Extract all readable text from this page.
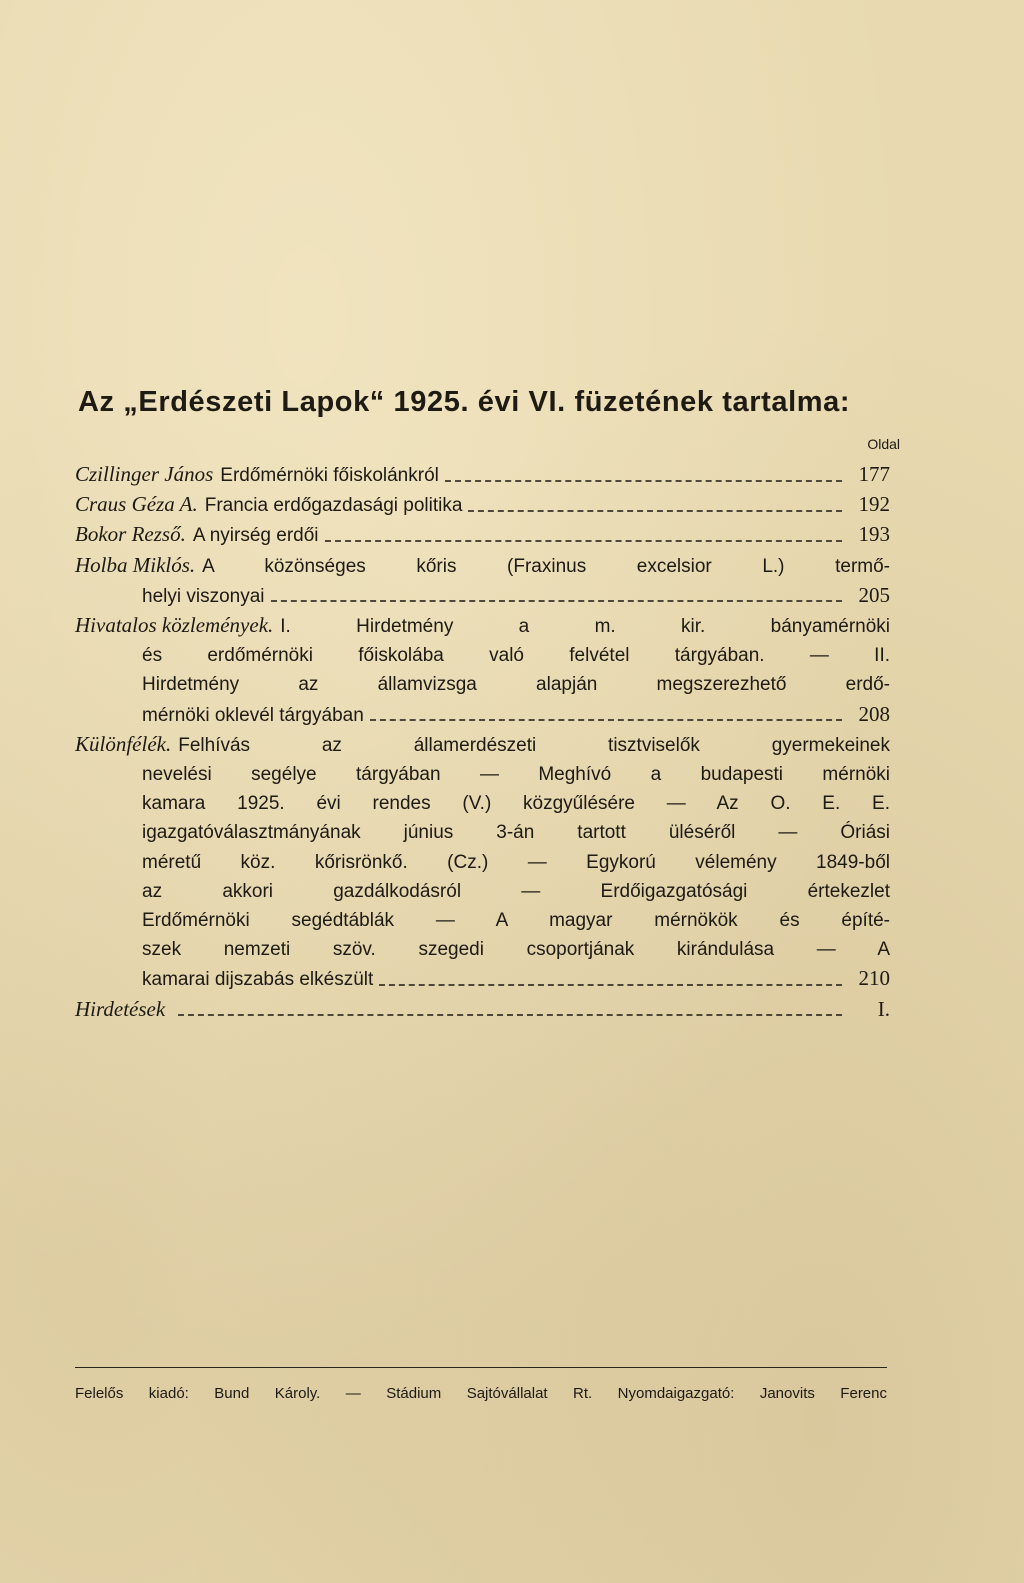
Az „Erdészeti Lapok“ 1925. évi VI. füzetének tartalma:
Oldal
Czillinger János Erdőmérnöki főiskolánkról	177
Craus Géza A. Francia erdőgazdasági politika	192
Bokor Rezső. A nyirség erdői	193
Holba Miklós. A közönséges kőris (Fraxinus excelsior L.) termő-
helyi viszonyai	205
Hivatalos közlemények. I. Hirdetmény a m. kir. bányamérnöki
és erdőmérnöki főiskolába való felvétel tárgyában. — II.
Hirdetmény az államvizsga alapján megszerezhető erdő-
mérnöki oklevél tárgyában	208
Különfélék. Felhívás az államerdészeti tisztviselők gyermekeinek
nevelési segélye tárgyában — Meghívó a budapesti mérnöki
kamara 1925. évi rendes (V.) közgyűlésére — Az O. E. E.
igazgatóválasztmányának június 3-án tartott üléséről — Óriási
méretű köz. kőrisrönkő. (Cz.) — Egykorú vélemény 1849-ből
az akkori gazdálkodásról — Erdőigazgatósági értekezlet
Erdőmérnöki segédtáblák — A magyar mérnökök és építé-
szek nemzeti szöv. szegedi csoportjának kirándulása — A
kamarai dijszabás elkészült	210
Hirdetések	I.
Felelős kiadó: Bund Károly. — Stádium Sajtóvállalat Rt. Nyomdaigazgató: Janovits Ferenc
